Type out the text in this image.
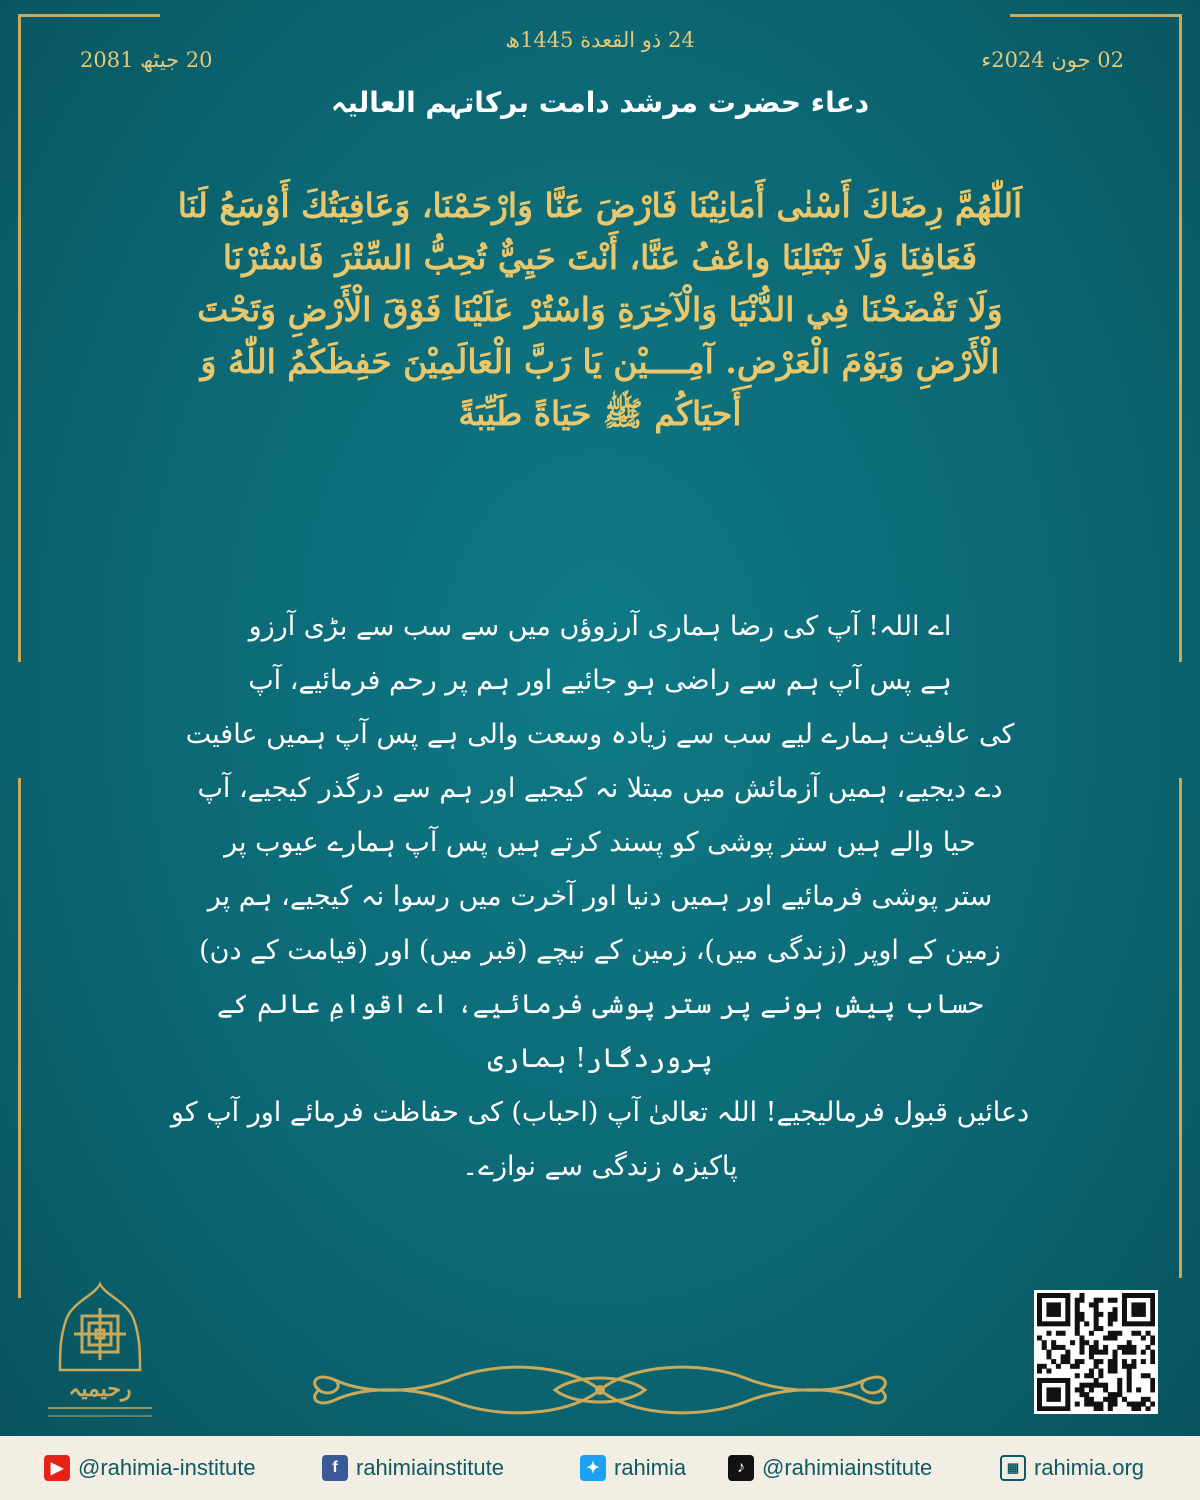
24 ذو القعدة 1445ھ
02 جون 2024ء
20 جیٹھ 2081
دعاء حضرت مرشد دامت برکاتہم العالیہ
اَللّٰهُمَّ رِضَاكَ أَسْنٰى أَمَانِيْنَا فَارْضَ عَنَّا وَارْحَمْنَا، وَعَافِيَتُكَ أَوْسَعُ لَنَا
فَعَافِنَا وَلَا تَبْتَلِنَا واعْفُ عَنَّا، أَنْتَ حَيِيٌّ تُحِبُّ السِّتْرَ فَاسْتُرْنَا
وَلَا تَفْضَحْنَا فِي الدُّنْيَا وَالْآخِرَةِ وَاسْتُرْ عَلَيْنَا فَوْقَ الْأَرْضِ وَتَحْتَ
الْأَرْضِ وَيَوْمَ الْعَرْضِ. آمِــــيْن يَا رَبَّ الْعَالَمِيْنَ حَفِظَكُمُ اللّٰهُ وَ
أَحيَاكُم ﷺ حَيَاةً طَيِّبَةً
اے اللہ! آپ کی رضا ہماری آرزوؤں میں سے سب سے بڑی آرزو
ہے پس آپ ہم سے راضی ہو جائیے اور ہم پر رحم فرمائیے، آپ
کی عافیت ہمارے لیے سب سے زیادہ وسعت والی ہے پس آپ ہمیں عافیت
دے دیجیے، ہمیں آزمائش میں مبتلا نہ کیجیے اور ہم سے درگذر کیجیے، آپ
حیا والے ہیں ستر پوشی کو پسند کرتے ہیں پس آپ ہمارے عیوب پر
ستر پوشی فرمائیے اور ہمیں دنیا اور آخرت میں رسوا نہ کیجیے، ہم پر
زمین کے اوپر (زندگی میں)، زمین کے نیچے (قبر میں) اور (قیامت کے دن)
حساب پیش ہونے پر ستر پوشی فرمائیے، اے اقوامِ عالم کے پروردگار! ہماری
دعائیں قبول فرمالیجیے! اللہ تعالیٰ آپ (احباب) کی حفاظت فرمائے اور آپ کو
پاکیزہ زندگی سے نوازے۔
رحیمیہ
▶ @rahimia-institute	f rahimiainstitute	✦ rahimia	♪ @rahimiainstitute	▦ rahimia.org
